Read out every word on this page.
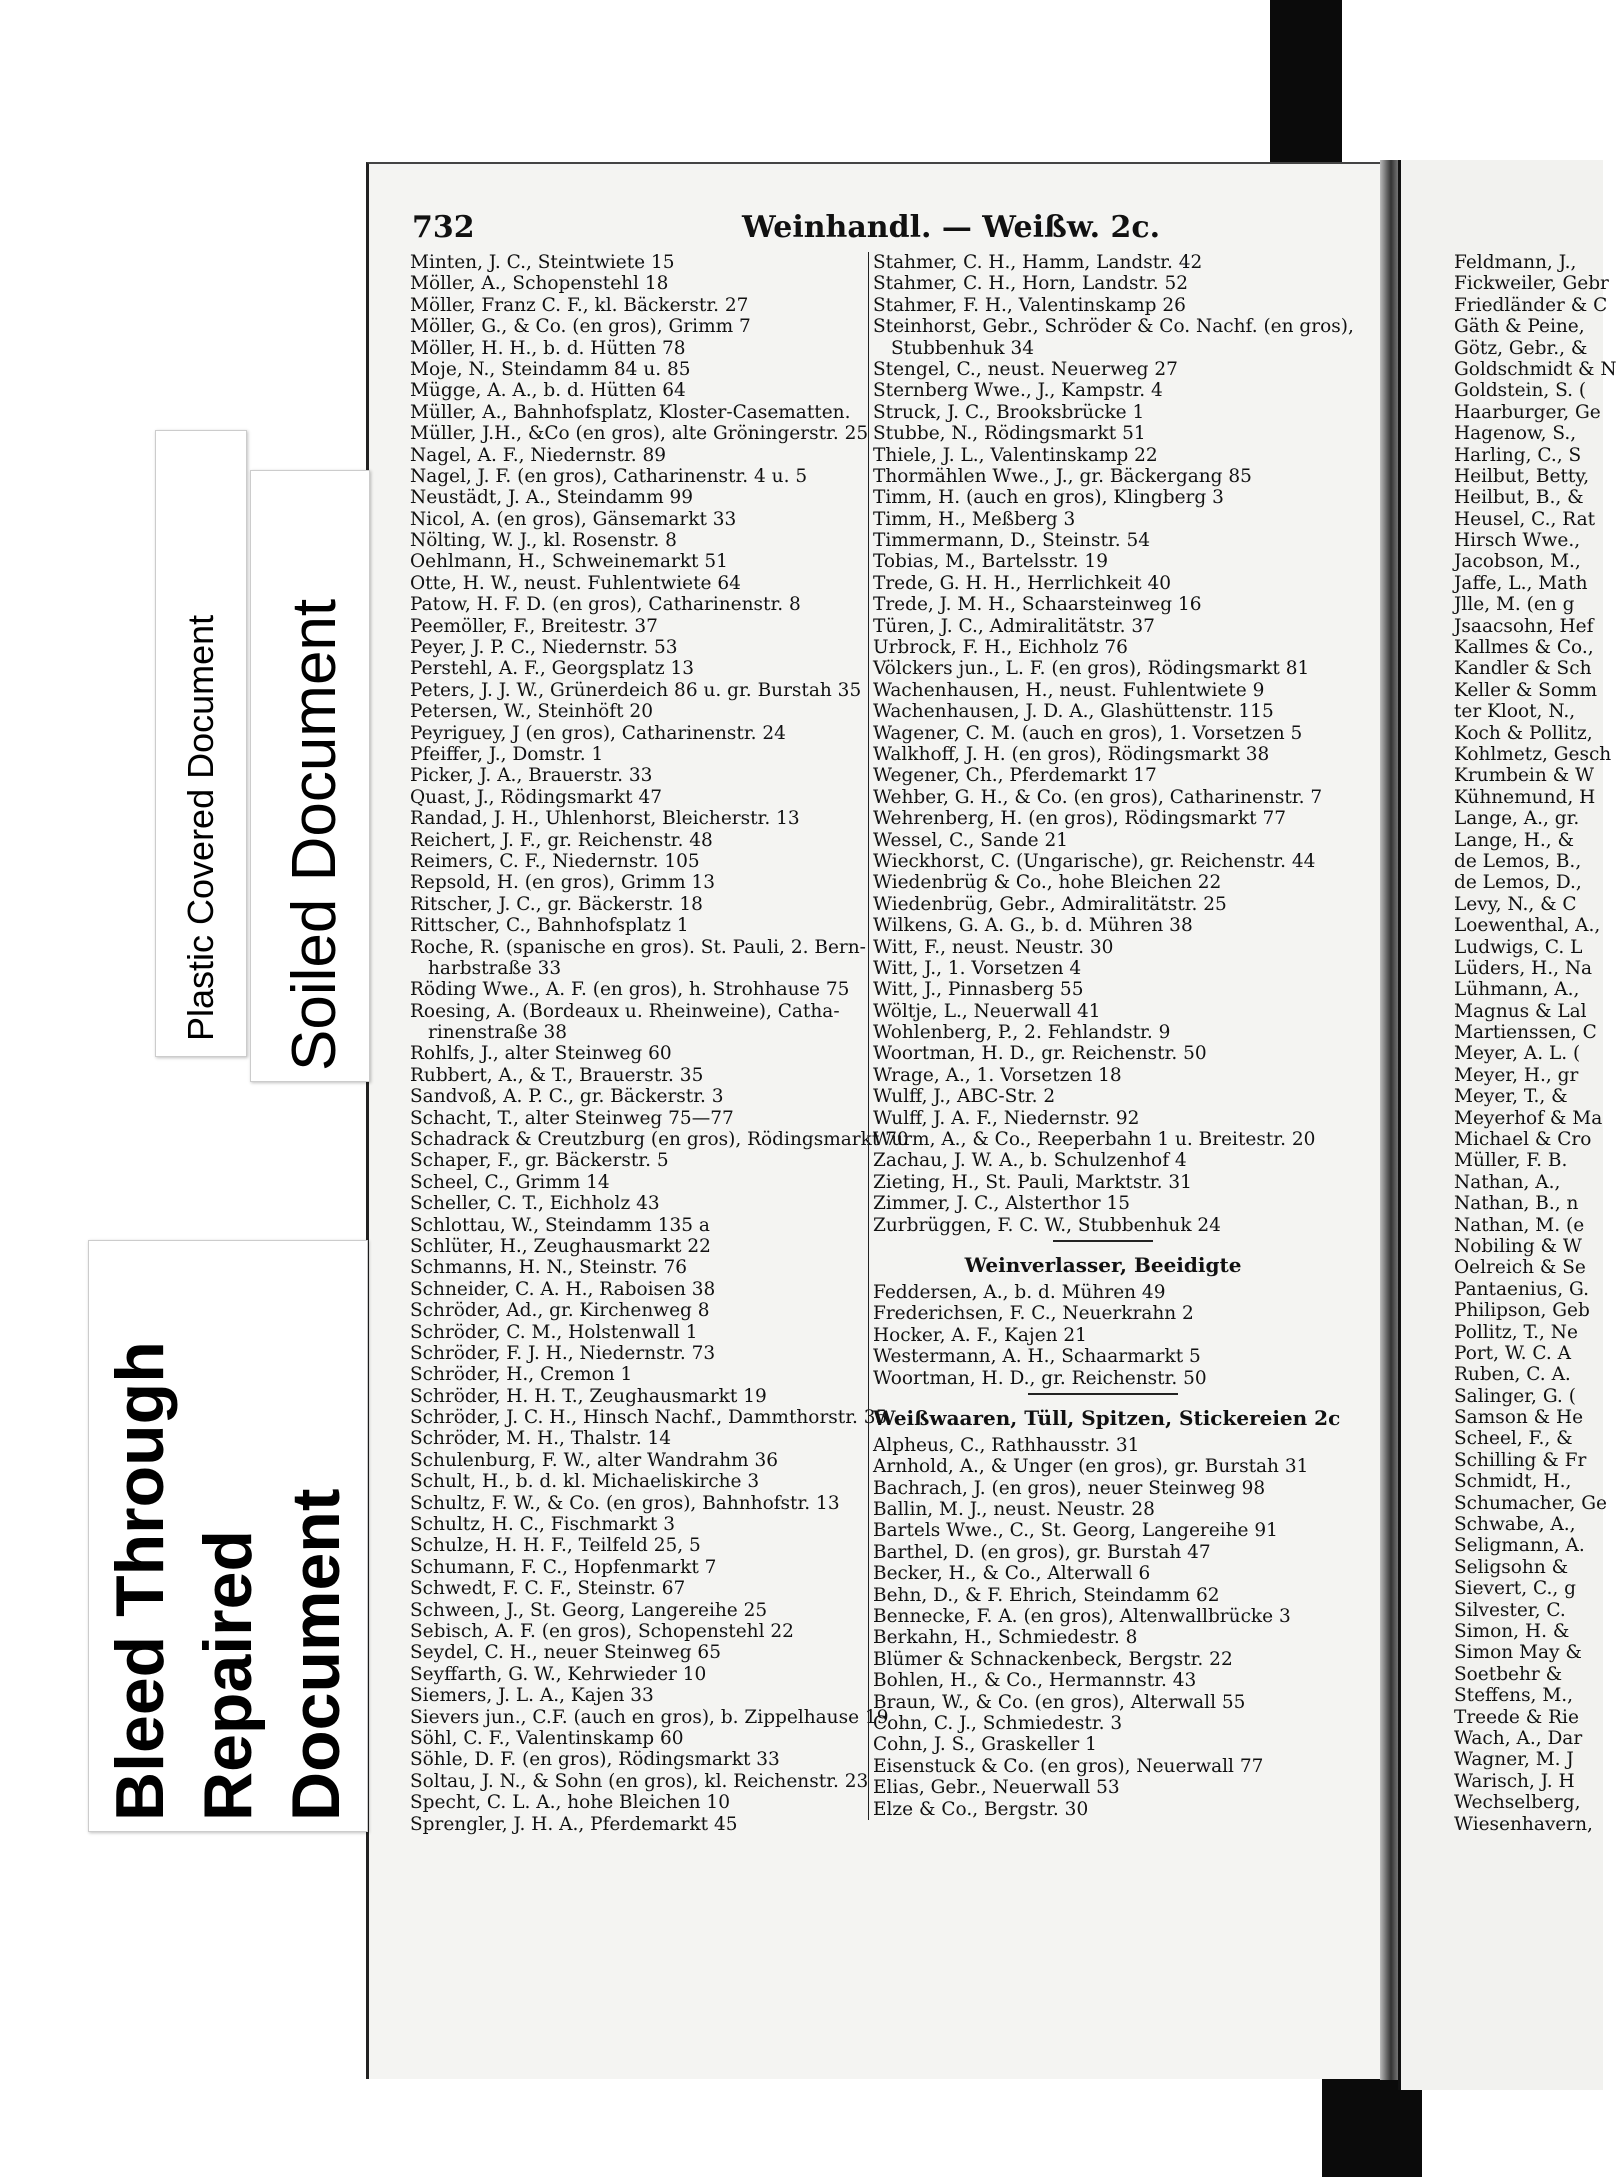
732	Weinhandl. — Weißw. 2c.
Minten, J. C., Steintwiete 15
Möller, A., Schopenstehl 18
Möller, Franz C. F., kl. Bäckerstr. 27
Möller, G., & Co. (en gros), Grimm 7
Möller, H. H., b. d. Hütten 78
Moje, N., Steindamm 84 u. 85
Mügge, A. A., b. d. Hütten 64
Müller, A., Bahnhofsplatz, Kloster-Casematten.
Müller, J.H., &Co (en gros), alte Gröningerstr. 25
Nagel, A. F., Niedernstr. 89
Nagel, J. F. (en gros), Catharinenstr. 4 u. 5
Neustädt, J. A., Steindamm 99
Nicol, A. (en gros), Gänsemarkt 33
Nölting, W. J., kl. Rosenstr. 8
Oehlmann, H., Schweinemarkt 51
Otte, H. W., neust. Fuhlentwiete 64
Patow, H. F. D. (en gros), Catharinenstr. 8
Peemöller, F., Breitestr. 37
Peyer, J. P. C., Niedernstr. 53
Perstehl, A. F., Georgsplatz 13
Peters, J. J. W., Grünerdeich 86 u. gr. Burstah 35
Petersen, W., Steinhöft 20
Peyriguey, J (en gros), Catharinenstr. 24
Pfeiffer, J., Domstr. 1
Picker, J. A., Brauerstr. 33
Quast, J., Rödingsmarkt 47
Randad, J. H., Uhlenhorst, Bleicherstr. 13
Reichert, J. F., gr. Reichenstr. 48
Reimers, C. F., Niedernstr. 105
Repsold, H. (en gros), Grimm 13
Ritscher, J. C., gr. Bäckerstr. 18
Rittscher, C., Bahnhofsplatz 1
Roche, R. (spanische en gros). St. Pauli, 2. Bern-
harbstraße 33
Röding Wwe., A. F. (en gros), h. Strohhause 75
Roesing, A. (Bordeaux u. Rheinweine), Catha-
rinenstraße 38
Rohlfs, J., alter Steinweg 60
Rubbert, A., & T., Brauerstr. 35
Sandvoß, A. P. C., gr. Bäckerstr. 3
Schacht, T., alter Steinweg 75—77
Schadrack & Creutzburg (en gros), Rödingsmarkt 70
Schaper, F., gr. Bäckerstr. 5
Scheel, C., Grimm 14
Scheller, C. T., Eichholz 43
Schlottau, W., Steindamm 135 a
Schlüter, H., Zeughausmarkt 22
Schmanns, H. N., Steinstr. 76
Schneider, C. A. H., Raboisen 38
Schröder, Ad., gr. Kirchenweg 8
Schröder, C. M., Holstenwall 1
Schröder, F. J. H., Niedernstr. 73
Schröder, H., Cremon 1
Schröder, H. H. T., Zeughausmarkt 19
Schröder, J. C. H., Hinsch Nachf., Dammthorstr. 35
Schröder, M. H., Thalstr. 14
Schulenburg, F. W., alter Wandrahm 36
Schult, H., b. d. kl. Michaeliskirche 3
Schultz, F. W., & Co. (en gros), Bahnhofstr. 13
Schultz, H. C., Fischmarkt 3
Schulze, H. H. F., Teilfeld 25, 5
Schumann, F. C., Hopfenmarkt 7
Schwedt, F. C. F., Steinstr. 67
Schween, J., St. Georg, Langereihe 25
Sebisch, A. F. (en gros), Schopenstehl 22
Seydel, C. H., neuer Steinweg 65
Seyffarth, G. W., Kehrwieder 10
Siemers, J. L. A., Kajen 33
Sievers jun., C.F. (auch en gros), b. Zippelhause 19
Söhl, C. F., Valentinskamp 60
Söhle, D. F. (en gros), Rödingsmarkt 33
Soltau, J. N., & Sohn (en gros), kl. Reichenstr. 23
Specht, C. L. A., hohe Bleichen 10
Sprengler, J. H. A., Pferdemarkt 45
Stahmer, C. H., Hamm, Landstr. 42
Stahmer, C. H., Horn, Landstr. 52
Stahmer, F. H., Valentinskamp 26
Steinhorst, Gebr., Schröder & Co. Nachf. (en gros),
Stubbenhuk 34
Stengel, C., neust. Neuerweg 27
Sternberg Wwe., J., Kampstr. 4
Struck, J. C., Brooksbrücke 1
Stubbe, N., Rödingsmarkt 51
Thiele, J. L., Valentinskamp 22
Thormählen Wwe., J., gr. Bäckergang 85
Timm, H. (auch en gros), Klingberg 3
Timm, H., Meßberg 3
Timmermann, D., Steinstr. 54
Tobias, M., Bartelsstr. 19
Trede, G. H. H., Herrlichkeit 40
Trede, J. M. H., Schaarsteinweg 16
Türen, J. C., Admiralitätstr. 37
Urbrock, F. H., Eichholz 76
Völckers jun., L. F. (en gros), Rödingsmarkt 81
Wachenhausen, H., neust. Fuhlentwiete 9
Wachenhausen, J. D. A., Glashüttenstr. 115
Wagener, C. M. (auch en gros), 1. Vorsetzen 5
Walkhoff, J. H. (en gros), Rödingsmarkt 38
Wegener, Ch., Pferdemarkt 17
Wehber, G. H., & Co. (en gros), Catharinenstr. 7
Wehrenberg, H. (en gros), Rödingsmarkt 77
Wessel, C., Sande 21
Wieckhorst, C. (Ungarische), gr. Reichenstr. 44
Wiedenbrüg & Co., hohe Bleichen 22
Wiedenbrüg, Gebr., Admiralitätstr. 25
Wilkens, G. A. G., b. d. Mühren 38
Witt, F., neust. Neustr. 30
Witt, J., 1. Vorsetzen 4
Witt, J., Pinnasberg 55
Wöltje, L., Neuerwall 41
Wohlenberg, P., 2. Fehlandstr. 9
Woortman, H. D., gr. Reichenstr. 50
Wrage, A., 1. Vorsetzen 18
Wulff, J., ABC-Str. 2
Wulff, J. A. F., Niedernstr. 92
Wurm, A., & Co., Reeperbahn 1 u. Breitestr. 20
Zachau, J. W. A., b. Schulzenhof 4
Zieting, H., St. Pauli, Marktstr. 31
Zimmer, J. C., Alsterthor 15
Zurbrüggen, F. C. W., Stubbenhuk 24
Weinverlasser, Beeidigte
Feddersen, A., b. d. Mühren 49
Frederichsen, F. C., Neuerkrahn 2
Hocker, A. F., Kajen 21
Westermann, A. H., Schaarmarkt 5
Woortman, H. D., gr. Reichenstr. 50
Weißwaaren, Tüll, Spitzen, Stickereien 2c
Alpheus, C., Rathhausstr. 31
Arnhold, A., & Unger (en gros), gr. Burstah 31
Bachrach, J. (en gros), neuer Steinweg 98
Ballin, M. J., neust. Neustr. 28
Bartels Wwe., C., St. Georg, Langereihe 91
Barthel, D. (en gros), gr. Burstah 47
Becker, H., & Co., Alterwall 6
Behn, D., & F. Ehrich, Steindamm 62
Bennecke, F. A. (en gros), Altenwallbrücke 3
Berkahn, H., Schmiedestr. 8
Blümer & Schnackenbeck, Bergstr. 22
Bohlen, H., & Co., Hermannstr. 43
Braun, W., & Co. (en gros), Alterwall 55
Cohn, C. J., Schmiedestr. 3
Cohn, J. S., Graskeller 1
Eisenstuck & Co. (en gros), Neuerwall 77
Elias, Gebr., Neuerwall 53
Elze & Co., Bergstr. 30
Feldmann, J.,
Fickweiler, Gebr
Friedländer & C
Gäth & Peine,
Götz, Gebr., &
Goldschmidt & N
Goldstein, S. (
Haarburger, Ge
Hagenow, S.,
Harling, C., S
Heilbut, Betty,
Heilbut, B., &
Heusel, C., Rat
Hirsch Wwe.,
Jacobson, M.,
Jaffe, L., Math
Jlle, M. (en g
Jsaacsohn, Hef
Kallmes & Co.,
Kandler & Sch
Keller & Somm
ter Kloot, N.,
Koch & Pollitz,
Kohlmetz, Gesch
Krumbein & W
Kühnemund, H
Lange, A., gr.
Lange, H., &
de Lemos, B.,
de Lemos, D.,
Levy, N., & C
Loewenthal, A.,
Ludwigs, C. L
Lüders, H., Na
Lühmann, A.,
Magnus & Lal
Martienssen, C
Meyer, A. L. (
Meyer, H., gr
Meyer, T., &
Meyerhof & Ma
Michael & Cro
Müller, F. B.
Nathan, A.,
Nathan, B., n
Nathan, M. (e
Nobiling & W
Oelreich & Se
Pantaenius, G.
Philipson, Geb
Pollitz, T., Ne
Port, W. C. A
Ruben, C. A.
Salinger, G. (
Samson & He
Scheel, F., &
Schilling & Fr
Schmidt, H.,
Schumacher, Ge
Schwabe, A.,
Seligmann, A.
Seligsohn &
Sievert, C., g
Silvester, C.
Simon, H. &
Simon May &
Soetbehr &
Steffens, M.,
Treede & Rie
Wach, A., Dar
Wagner, M. J
Warisch, J. H
Wechselberg,
Wiesenhavern,
Plastic Covered Document Soiled Document
Bleed Through Repaired Document
